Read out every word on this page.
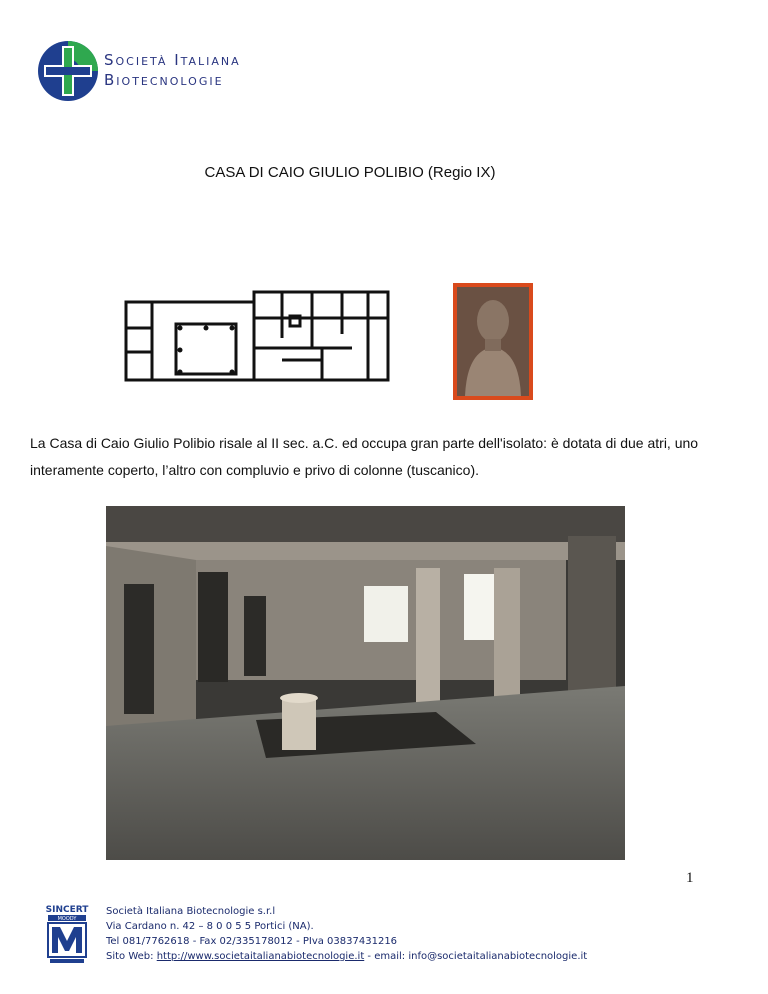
Società Italiana
Biotecnologie
CASA DI CAIO GIULIO POLIBIO (Regio IX)
La Casa di Caio Giulio Polibio risale al II sec. a.C. ed occupa gran parte dell'isolato: è dotata di due atri, uno interamente coperto, l’altro con compluvio e privo di colonne (tuscanico).
1
SINCERT
MOODY
Società Italiana Biotecnologie s.r.l
Via Cardano n. 42 – 8 0 0 5 5 Portici (NA).
Tel 081/7762618 - Fax 02/335178012 - PIva 03837431216
Sito Web: http://www.societaitalianabiotecnologie.it - email: info@societaitalianabiotecnologie.it
